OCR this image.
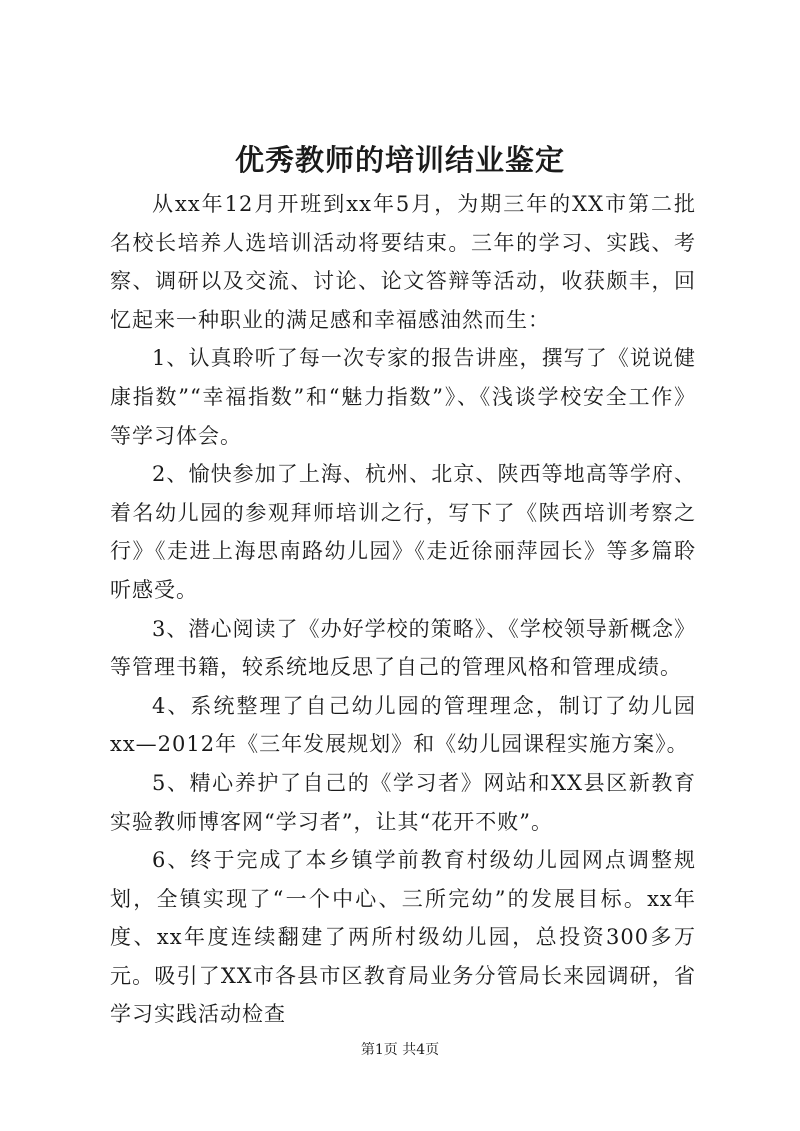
优秀教师的培训结业鉴定

从xx年12月开班到xx年5月，为期三年的XX市第二批名校长培养人选培训活动将要结束。三年的学习、实践、考察、调研以及交流、讨论、论文答辩等活动，收获颇丰，回忆起来一种职业的满足感和幸福感油然而生：

1、认真聆听了每一次专家的报告讲座，撰写了《说说健康指数”“幸福指数”和“魅力指数”》、《浅谈学校安全工作》等学习体会。

2、愉快参加了上海、杭州、北京、陕西等地高等学府、着名幼儿园的参观拜师培训之行，写下了《陕西培训考察之行》《走进上海思南路幼儿园》《走近徐丽萍园长》等多篇聆听感受。

3、潜心阅读了《办好学校的策略》、《学校领导新概念》等管理书籍，较系统地反思了自己的管理风格和管理成绩。

4、系统整理了自己幼儿园的管理理念，制订了幼儿园xx—2012年《三年发展规划》和《幼儿园课程实施方案》。

5、精心养护了自己的《学习者》网站和XX县区新教育实验教师博客网“学习者”，让其“花开不败”。

6、终于完成了本乡镇学前教育村级幼儿园网点调整规划，全镇实现了“一个中心、三所完幼”的发展目标。xx年度、xx年度连续翻建了两所村级幼儿园，总投资300多万元。吸引了XX市各县市区教育局业务分管局长来园调研，省学习实践活动检查

第1页 共4页
